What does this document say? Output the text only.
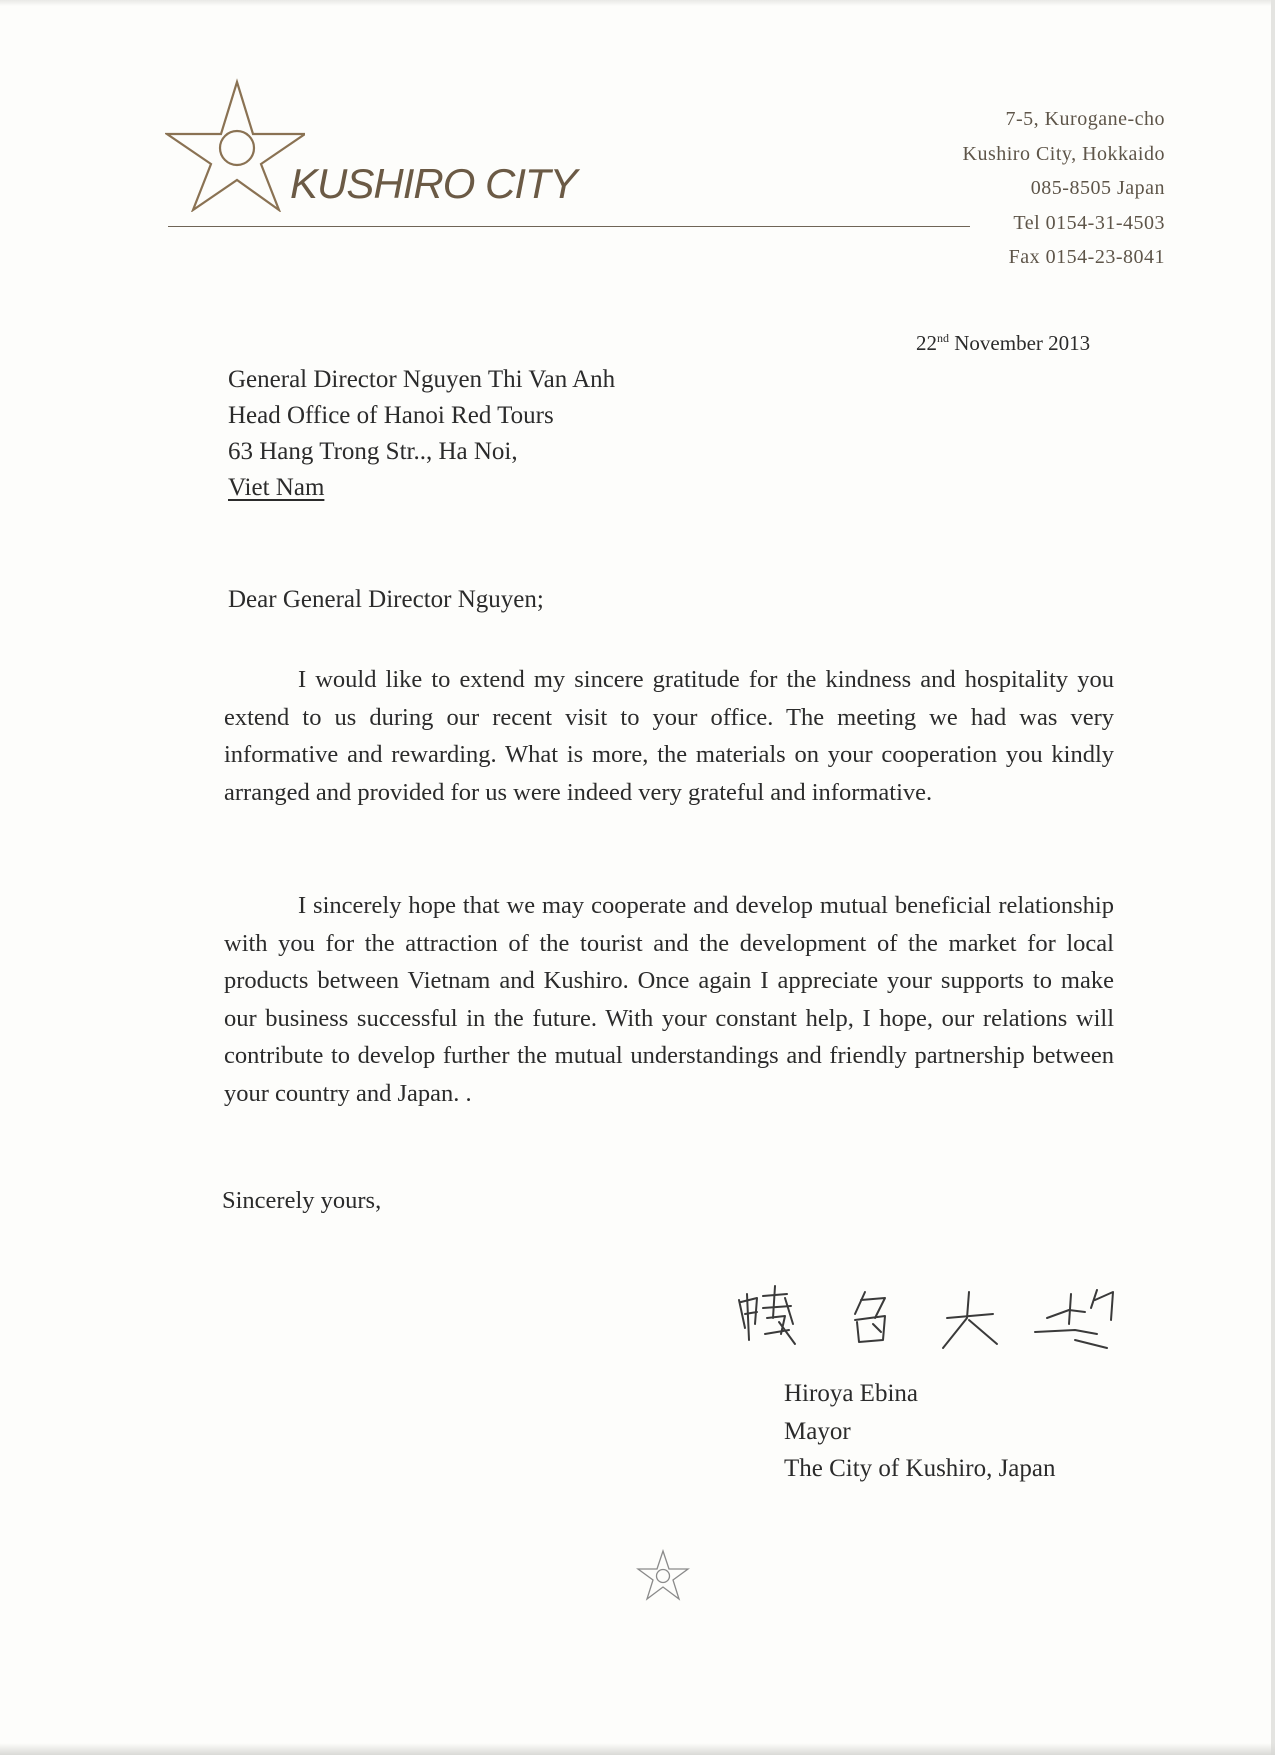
KUSHIRO CITY
7-5, Kurogane-cho
Kushiro City, Hokkaido
085-8505 Japan
Tel 0154-31-4503
Fax 0154-23-8041
22nd November 2013
General Director Nguyen Thi Van Anh
Head Office of Hanoi Red Tours
63 Hang Trong Str.., Ha Noi,
Viet Nam
Dear General Director Nguyen;
I would like to extend my sincere gratitude for the kindness and hospitality you extend to us during our recent visit to your office. The meeting we had was very informative and rewarding. What is more, the materials on your cooperation you kindly arranged and provided for us were indeed very grateful and informative.
I sincerely hope that we may cooperate and develop mutual beneficial relationship with you for the attraction of the tourist and the development of the market for local products between Vietnam and Kushiro. Once again I appreciate your supports to make our business successful in the future. With your constant help, I hope, our relations will contribute to develop further the mutual understandings and friendly partnership between your country and Japan. .
Sincerely yours,
Hiroya Ebina
Mayor
The City of Kushiro, Japan
